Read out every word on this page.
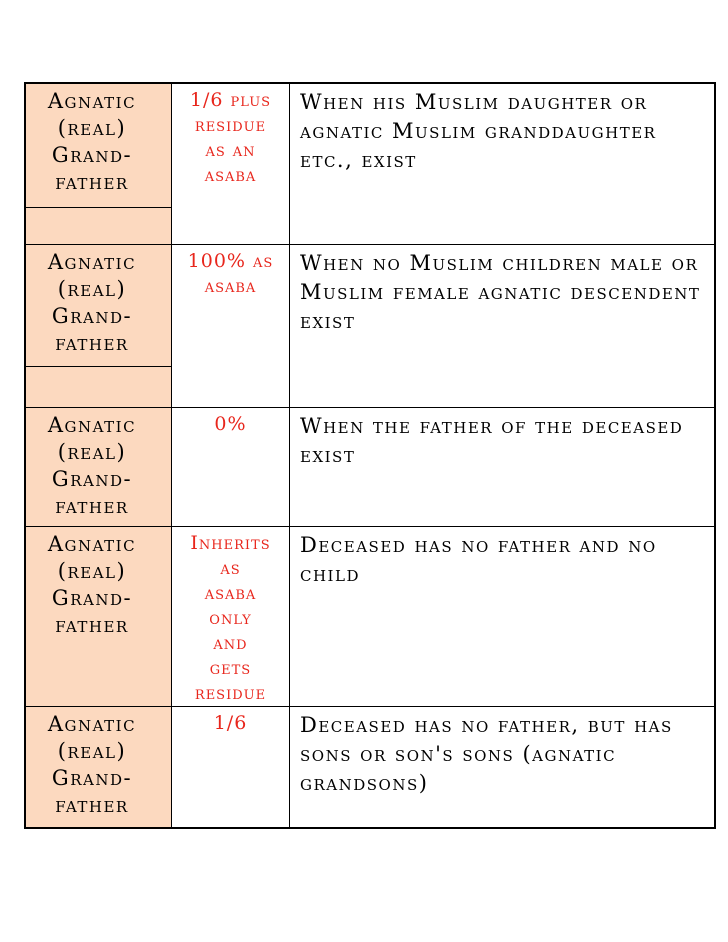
Agnatic
(real)
Grand-
father
1/6 plus
residue
as an
asaba
When his Muslim daughter or agnatic Muslim granddaughter etc., exist
Agnatic
(real)
Grand-
father
100% as
asaba
When no Muslim children male or Muslim female agnatic descendent exist
Agnatic
(real)
Grand-
father
0%	When the father of the deceased exist
Agnatic
(real)
Grand-
father
Inherits
as
asaba
only
and
gets
residue
Deceased has no father and no child
Agnatic
(real)
Grand-
father
1/6	Deceased has no father, but has sons or son's sons (agnatic grandsons)
